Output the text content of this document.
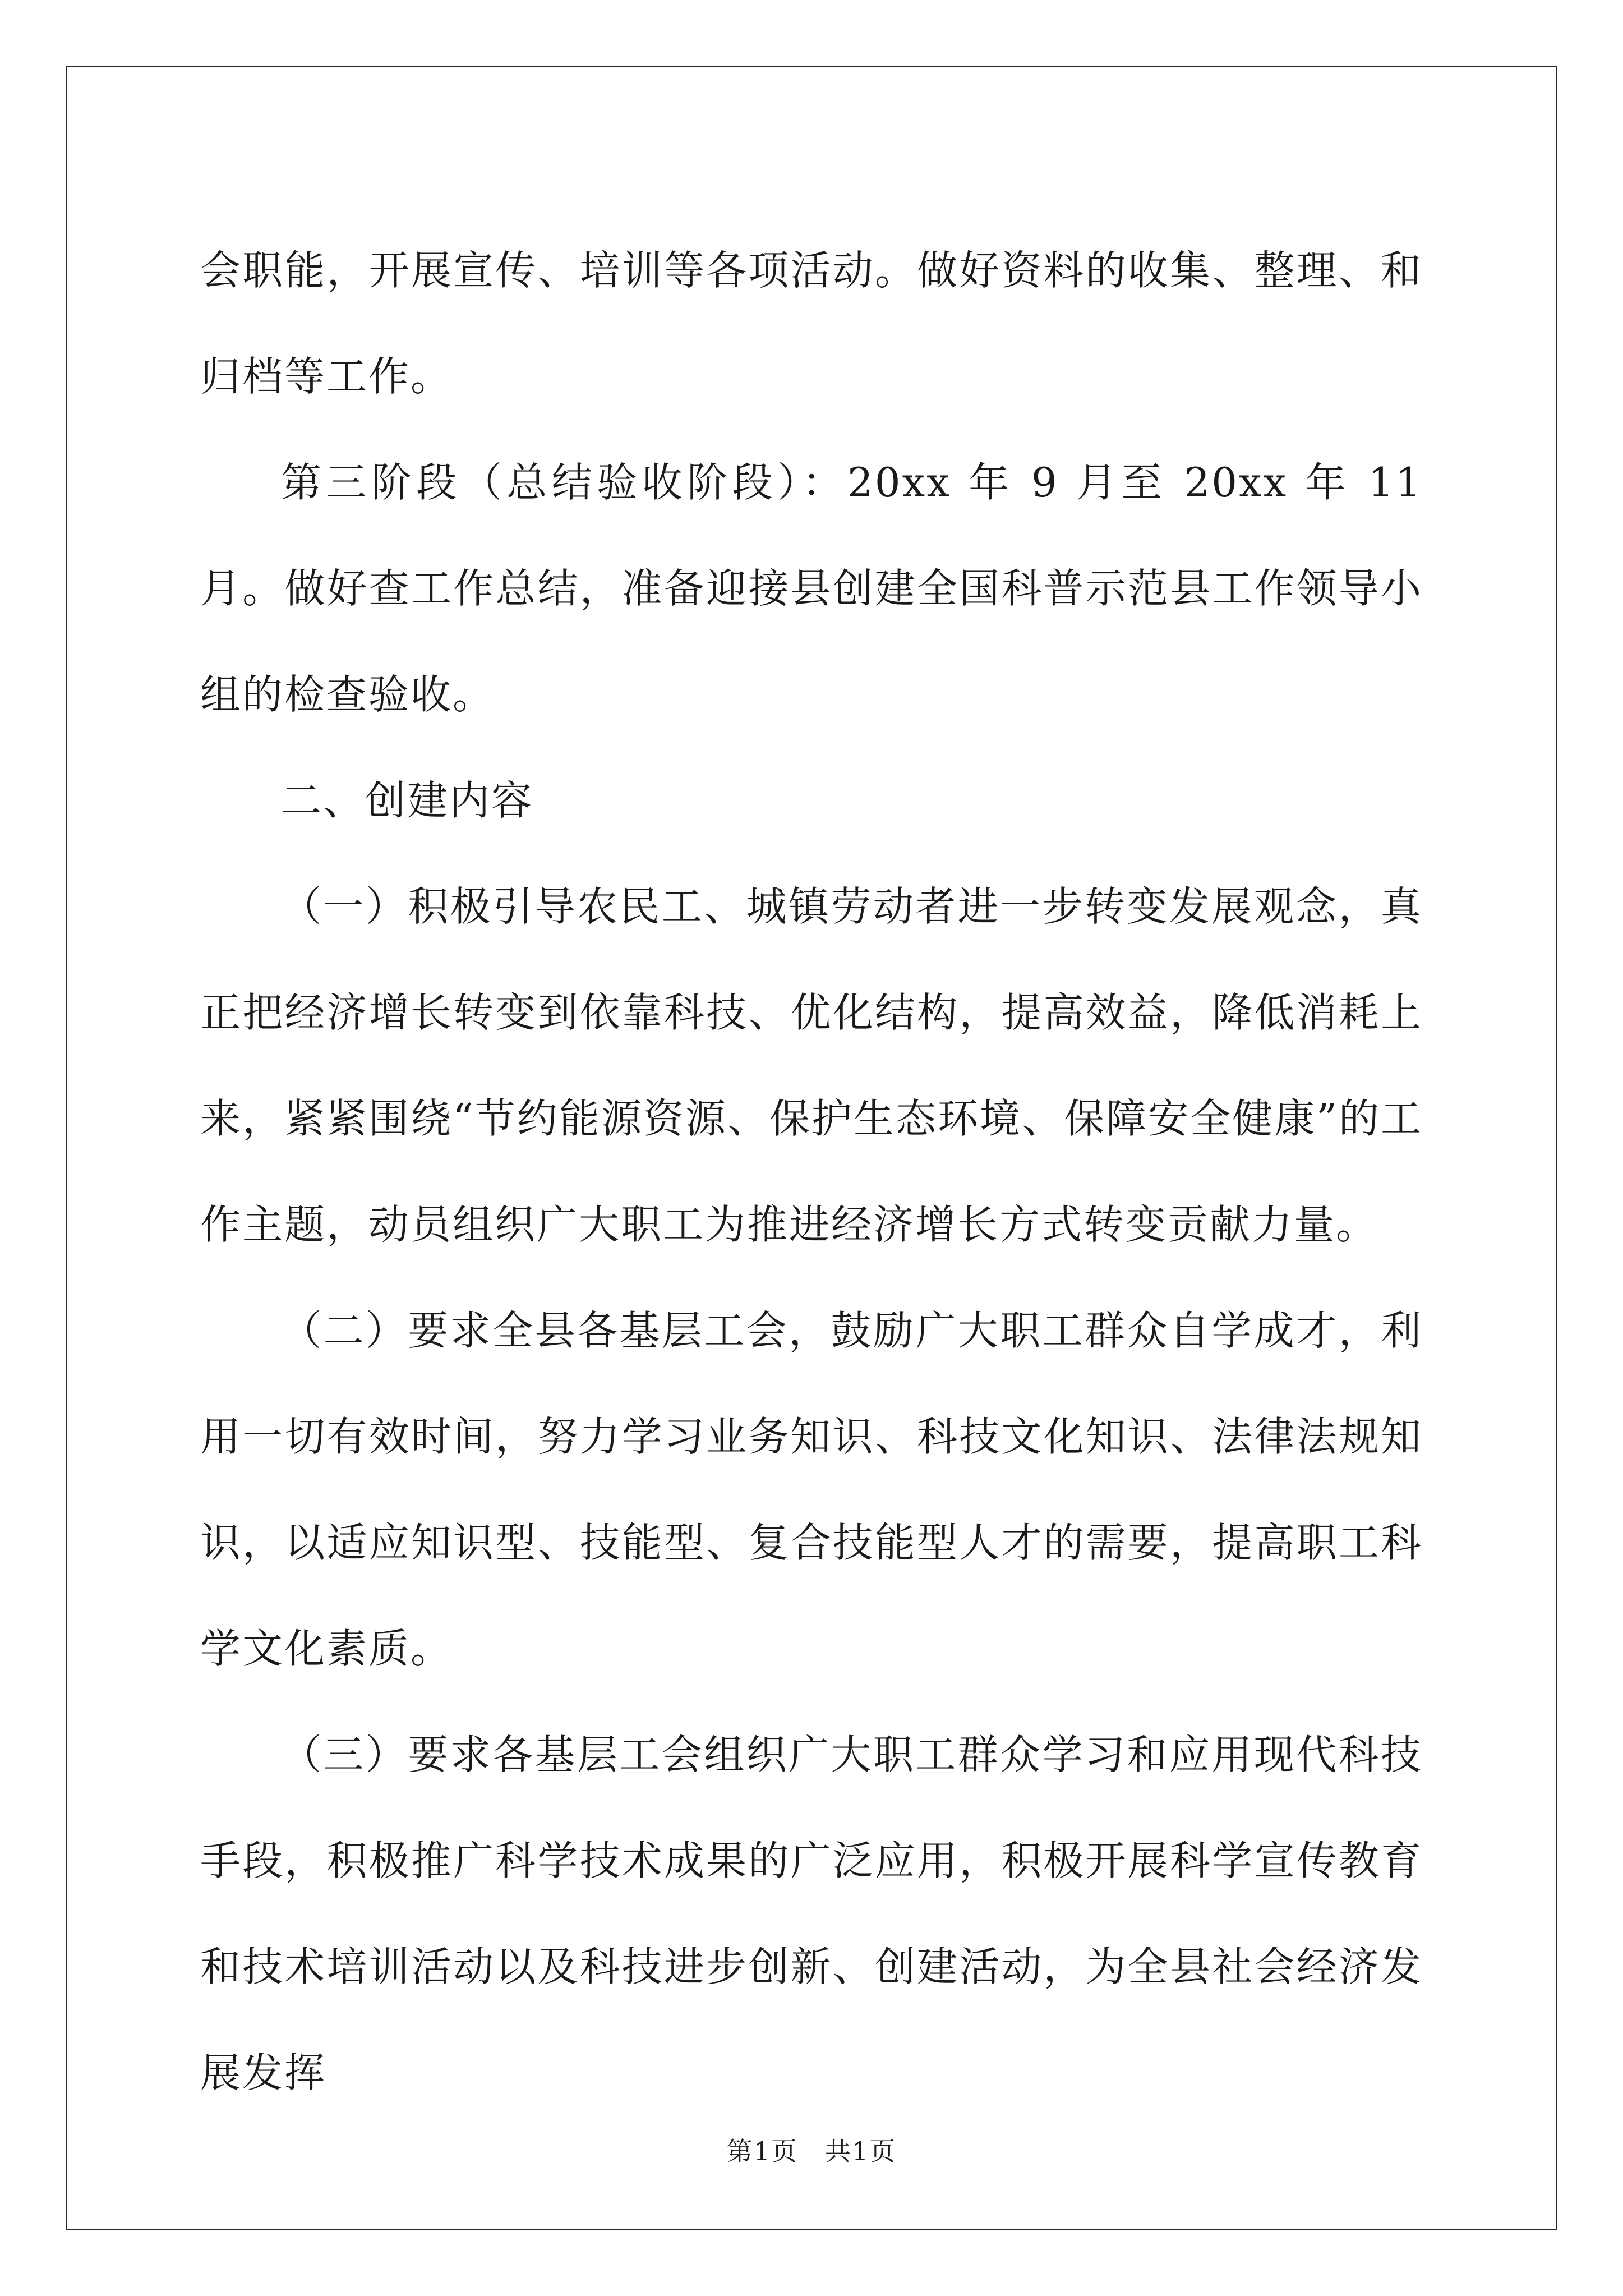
会职能，开展宣传、培训等各项活动。做好资料的收集、整理、和归档等工作。

第三阶段（总结验收阶段）：20xx 年 9 月至 20xx 年 11 月。做好查工作总结，准备迎接县创建全国科普示范县工作领导小组的检查验收。

二、创建内容

（一）积极引导农民工、城镇劳动者进一步转变发展观念，真正把经济增长转变到依靠科技、优化结构，提高效益，降低消耗上来，紧紧围绕“节约能源资源、保护生态环境、保障安全健康”的工作主题，动员组织广大职工为推进经济增长方式转变贡献力量。

（二）要求全县各基层工会，鼓励广大职工群众自学成才，利用一切有效时间，努力学习业务知识、科技文化知识、法律法规知识，以适应知识型、技能型、复合技能型人才的需要，提高职工科学文化素质。

（三）要求各基层工会组织广大职工群众学习和应用现代科技手段，积极推广科学技术成果的广泛应用，积极开展科学宣传教育和技术培训活动以及科技进步创新、创建活动，为全县社会经济发展发挥

第1页　共1页
